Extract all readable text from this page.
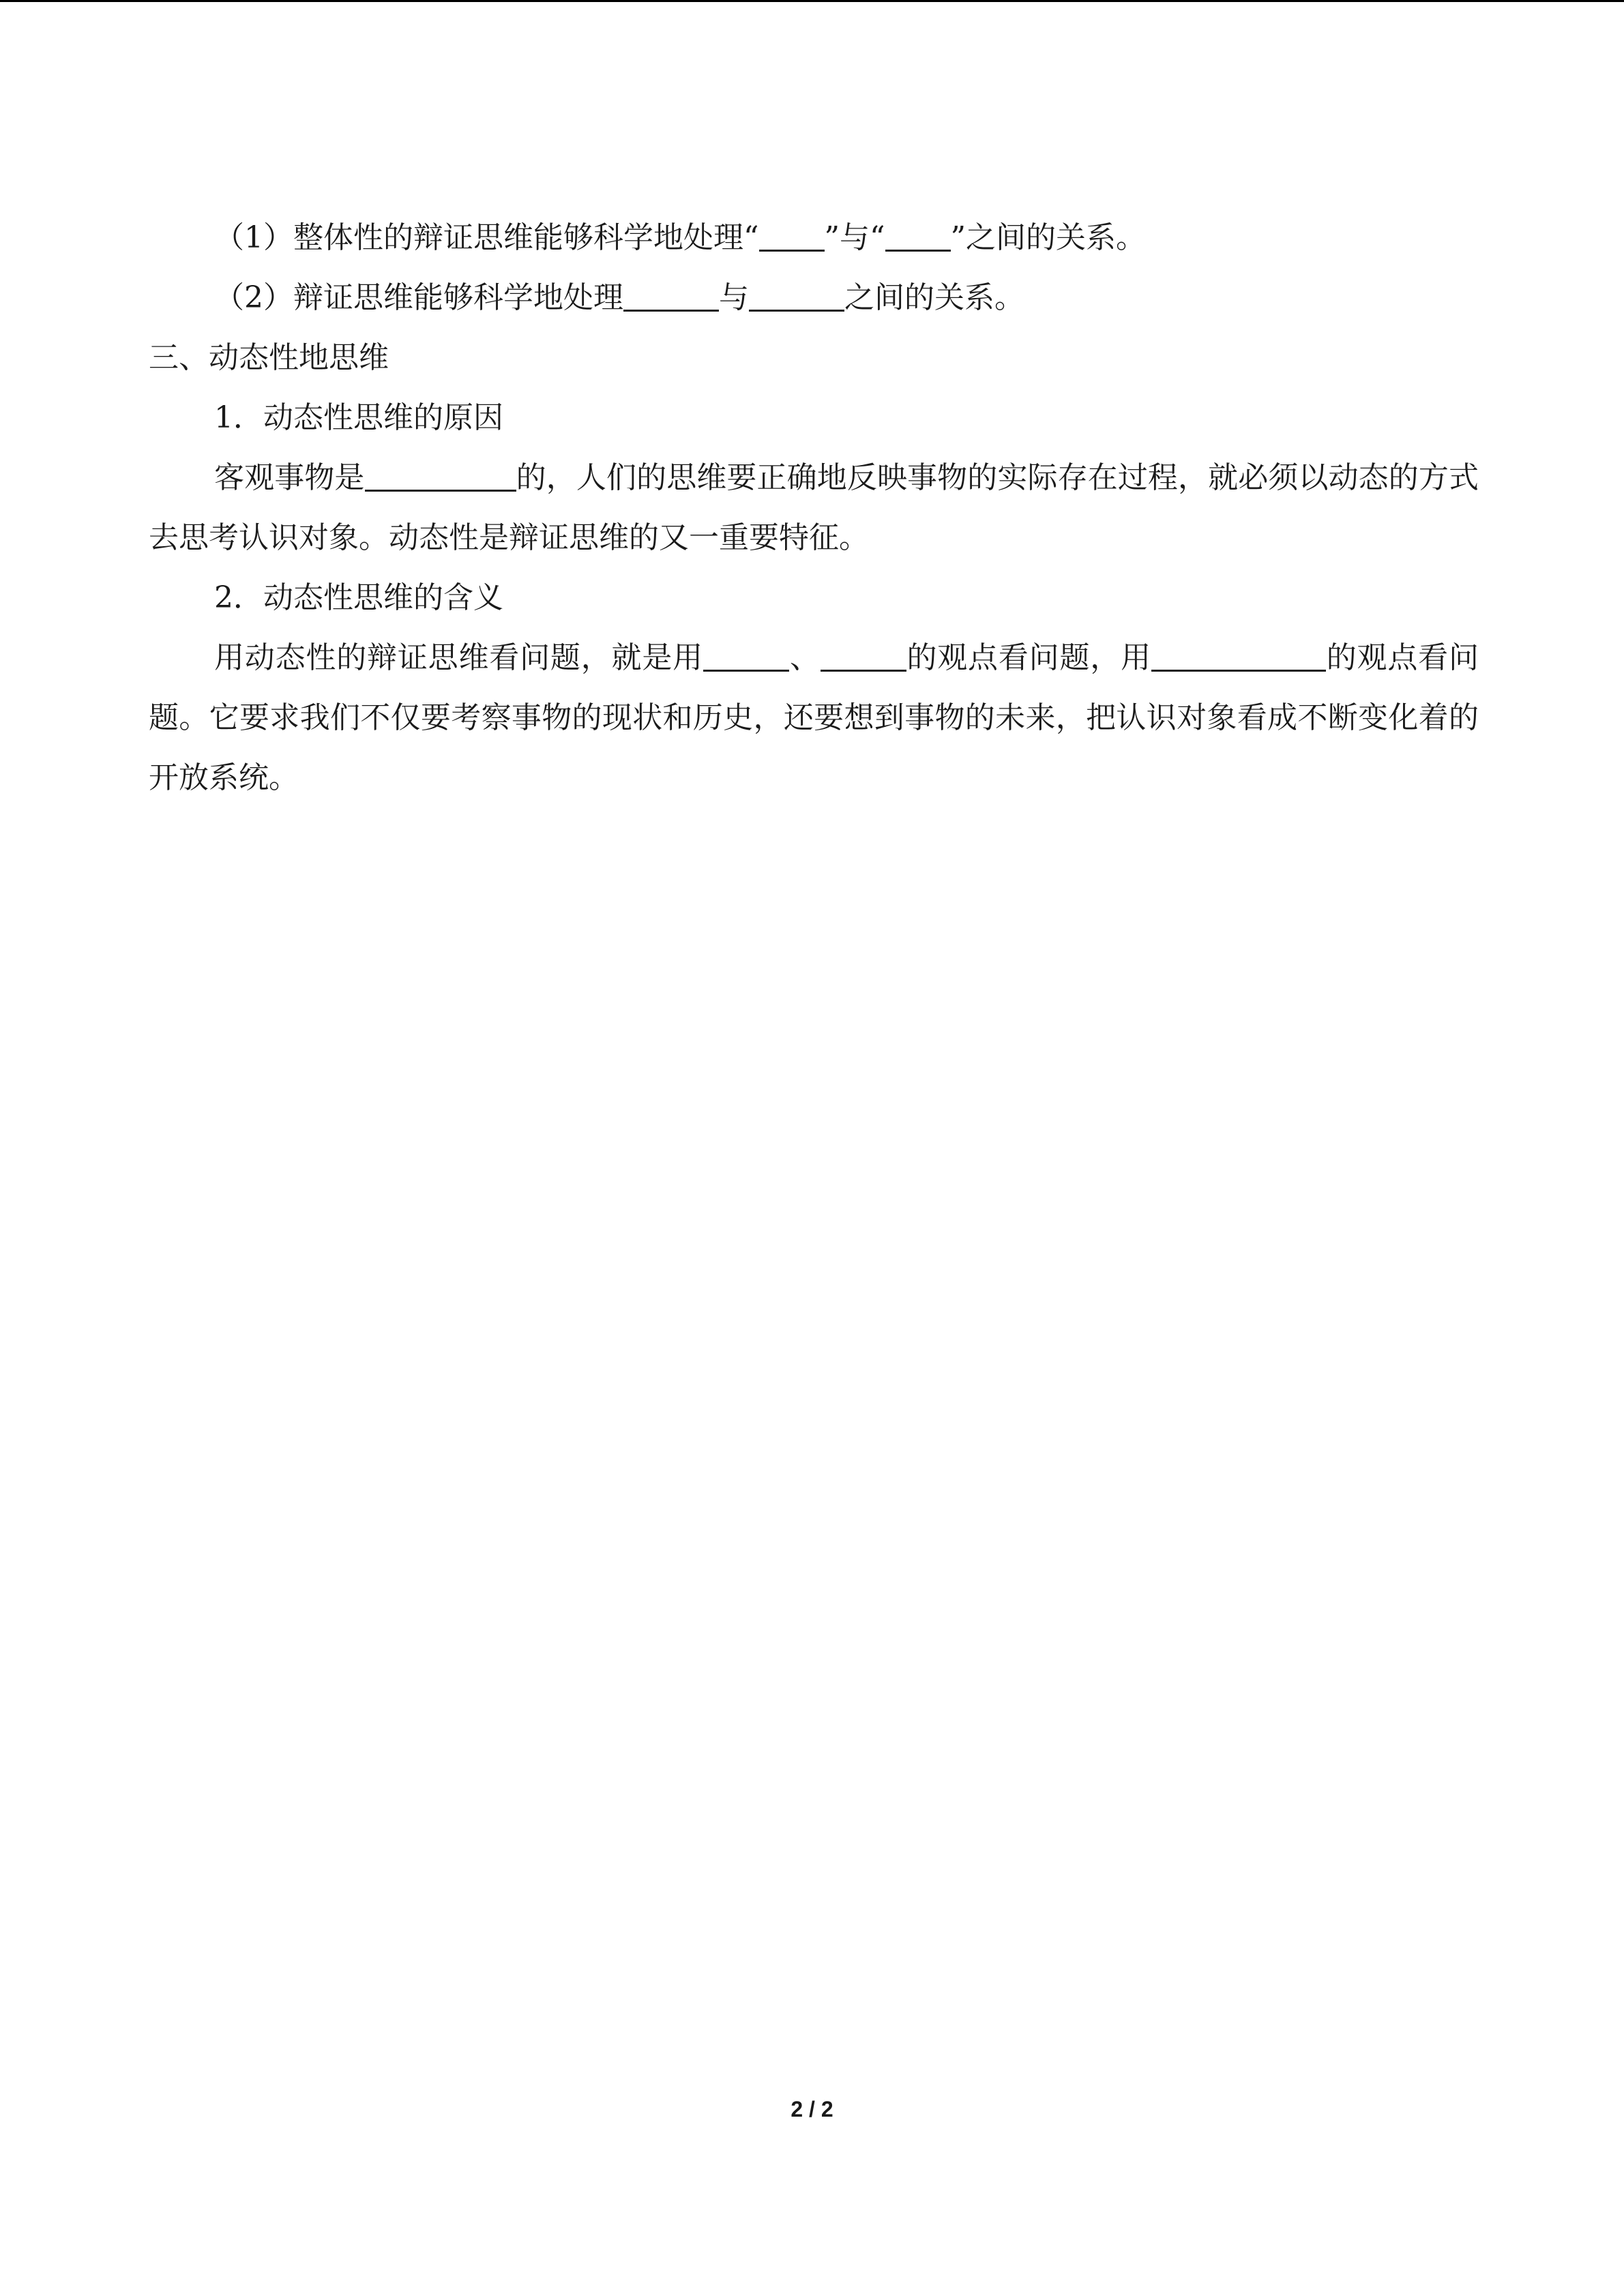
（1）整体性的辩证思维能够科学地处理“ ”与“ ”之间的关系。

（2）辩证思维能够科学地处理	与	之间的关系。

三、动态性地思维

1．动态性思维的原因

客观事物是	的，人们的思维要正确地反映事物的实际存在过程，就必须以动态的方式去思考认识对象。动态性是辩证思维的又一重要特征。

2．动态性思维的含义

用动态性的辩证思维看问题，就是用	、	的观点看问题，用	的观点看问题。它要求我们不仅要考察事物的现状和历史，还要想到事物的未来，把认识对象看成不断变化着的开放系统。

2 / 2
